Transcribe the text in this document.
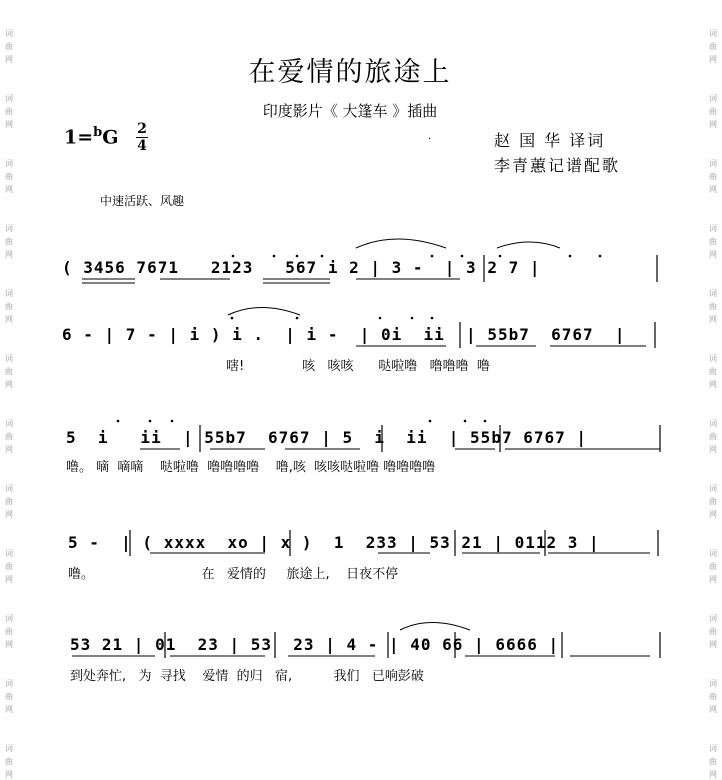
词
曲
网
词
曲
网
词
曲
网
词
曲
网
词
曲
网
词
曲
网
词
曲
网
词
曲
网
词
曲
网
词
曲
网
词
曲
网
词
曲
网
词
曲
网
词
曲
网
词
曲
网
词
曲
网
词
曲
网
词
曲
网
词
曲
网
词
曲
网
词
曲
网
词
曲
网
词
曲
网
词
曲
网
在爱情的旅途上
印度影片《 大篷车 》插曲
1=$^b$G 2
4	·	赵 国 华 译词
李青蕙记谱配歌
中速活跃、风趣
( 3456 7671   2123   567 i 2 | 3 -  | 3 2 7 |
6 - | 7 - | i ) i .  | i -  | 0i  ii  | 55b7  6767  |
嗐!              咳   咳咳      哒啦噜   噜噜噜  噜
5  i   ii  | 55b7  6767 | 5  i  ii  | 55b7 6767 |
噜。 嘀  嘀嘀    哒啦噜  噜噜噜噜    噜,咳  咳咳哒啦噜 噜噜噜噜
5 -  | ( xxxx  xo | x )  1  233 | 53 21 | 0112 3 |
噜。                          在   爱情的     旅途上,    日夜不停
53 21 | 01  23 | 53  23 | 4 - | 40 66 | 6666 |
到处奔忙,   为  寻找    爱情  的归   宿,          我们   已响彭破
